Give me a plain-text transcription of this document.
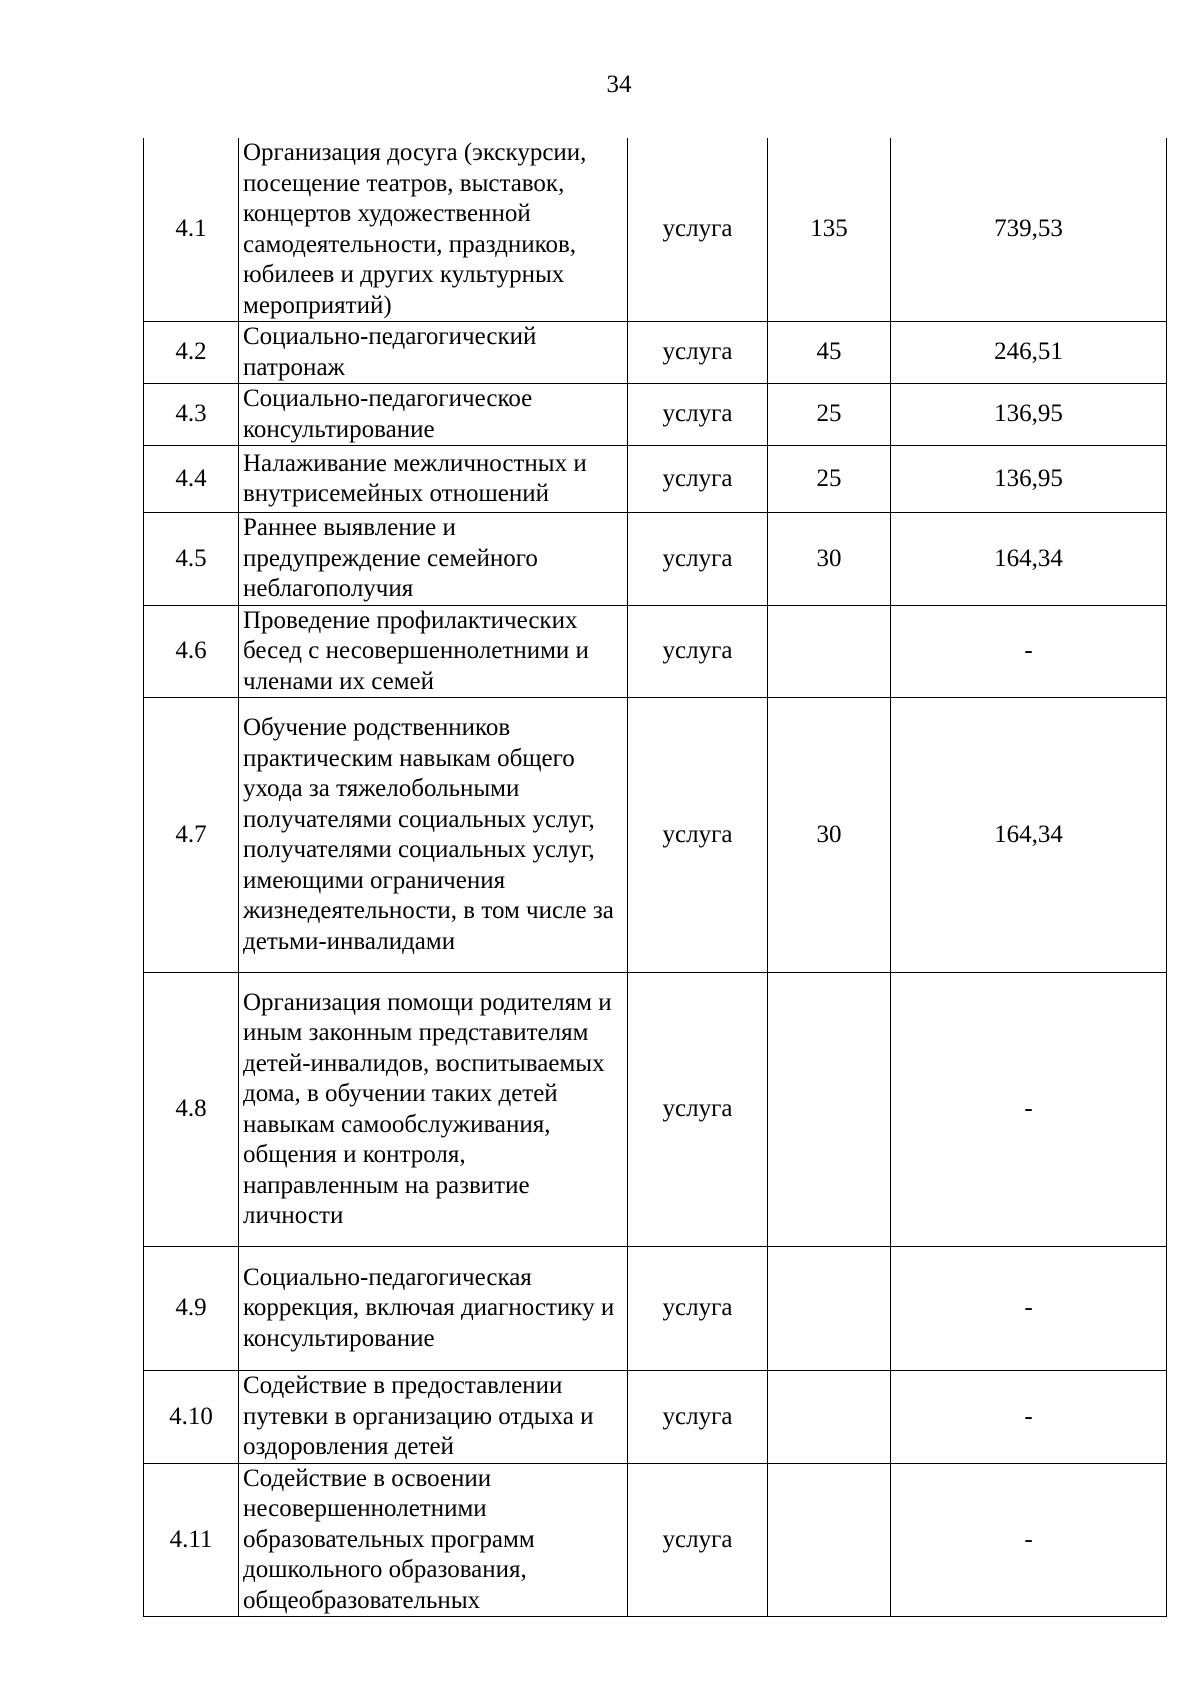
34
4.1	Организация досуга (экскурсии, посещение театров, выставок, концертов художественной самодеятельности, праздников, юбилеев и других культурных мероприятий)	услуга	135	739,53
4.2	Социально-педагогический патронаж	услуга	45	246,51
4.3	Социально-педагогическое консультирование	услуга	25	136,95
4.4	Налаживание межличностных и внутрисемейных отношений	услуга	25	136,95
4.5	Раннее выявление и предупреждение семейного неблагополучия	услуга	30	164,34
4.6	Проведение профилактических бесед с несовершеннолетними и членами их семей	услуга		-
4.7	Обучение родственников практическим навыкам общего ухода за тяжелобольными получателями социальных услуг, получателями социальных услуг, имеющими ограничения жизнедеятельности, в том числе за детьми-инвалидами	услуга	30	164,34
4.8	Организация помощи родителям и иным законным представителям детей-инвалидов, воспитываемых дома, в обучении таких детей навыкам самообслуживания, общения и контроля, направленным на развитие личности	услуга		-
4.9	Социально-педагогическая коррекция, включая диагностику и консультирование	услуга		-
4.10	Содействие в предоставлении путевки в организацию отдыха и оздоровления детей	услуга		-
4.11	Содействие в освоении несовершеннолетними образовательных программ дошкольного образования, общеобразовательных	услуга		-
